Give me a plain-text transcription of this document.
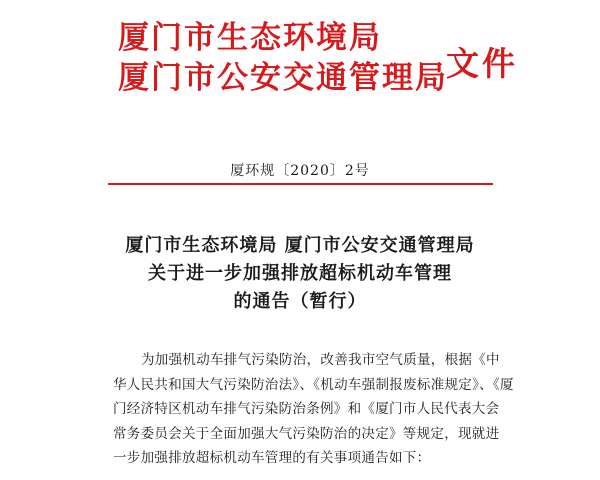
厦门市生态环境局
厦门市公安交通管理局
文件
厦环规〔2020〕2号
厦门市生态环境局 厦门市公安交通管理局
关于进一步加强排放超标机动车管理
的通告（暂行）
为加强机动车排气污染防治，改善我市空气质量，根据《中
华人民共和国大气污染防治法》、《机动车强制报废标准规定》、《厦
门经济特区机动车排气污染防治条例》和《厦门市人民代表大会
常务委员会关于全面加强大气污染防治的决定》等规定，现就进
一步加强排放超标机动车管理的有关事项通告如下：
